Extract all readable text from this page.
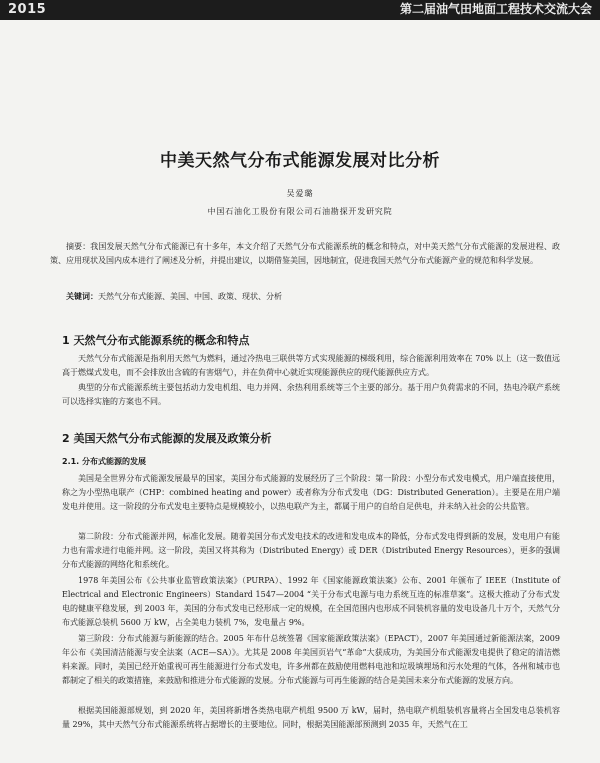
2015	第二届油气田地面工程技术交流大会
中美天然气分布式能源发展对比分析
吴爱璐
中国石油化工股份有限公司石油勘探开发研究院
摘要：我国发展天然气分布式能源已有十多年，本文介绍了天然气分布式能源系统的概念和特点，对中美天然气分布式能源的发展进程、政策、应用现状及国内成本进行了阐述及分析，并提出建议，以期借鉴美国，因地制宜，促进我国天然气分布式能源产业的规范和科学发展。
关键词：天然气分布式能源、美国、中国、政策、现状、分析
1 天然气分布式能源系统的概念和特点
天然气分布式能源是指利用天然气为燃料，通过冷热电三联供等方式实现能源的梯级利用，综合能源利用效率在 70% 以上（这一数值远高于燃煤式发电，而不会排放出含硫的有害烟气），并在负荷中心就近实现能源供应的现代能源供应方式。
典型的分布式能源系统主要包括动力发电机组、电力并网、余热利用系统等三个主要的部分。基于用户负荷需求的不同，热电冷联产系统可以选择实施的方案也不同。
2 美国天然气分布式能源的发展及政策分析
2.1. 分布式能源的发展
美国是全世界分布式能源发展最早的国家，美国分布式能源的发展经历了三个阶段：第一阶段：小型分布式发电模式，用户端直接使用，称之为小型热电联产（CHP：combined heating and power）或者称为分布式发电（DG：Distributed Generation）。主要是在用户端发电并使用。这一阶段的分布式发电主要特点是规模较小，以热电联产为主，都属于用户的自给自足供电，并未纳入社会的公共监管。
第二阶段：分布式能源并网，标准化发展。随着美国分布式发电技术的改进和发电成本的降低，分布式发电得到新的发展，发电用户有能力也有需求进行电能并网。这一阶段，美国又将其称为（Distributed Energy）或 DER（Distributed Energy Resources），更多的强调分布式能源的网络化和系统化。
1978 年美国公布《公共事业监管政策法案》（PURPA）、1992 年《国家能源政策法案》公布、2001 年颁布了 IEEE（Institute of Electrical and Electronic Engineers）Standard 1547—2004 “关于分布式电源与电力系统互连的标准草案”。这极大推动了分布式发电的健康平稳发展，到 2003 年，美国的分布式发电已经形成一定的规模，在全国范围内也形成不同装机容量的发电设备几十万个，天然气分布式能源总装机 5600 万 kW，占全美电力装机 7%，发电量占 9%。
第三阶段：分布式能源与新能源的结合。2005 年布什总统签署《国家能源政策法案》（EPACT），2007 年美国通过新能源法案，2009 年公布《美国清洁能源与安全法案（ACE—SA）》。尤其是 2008 年美国页岩气“革命”大获成功，为美国分布式能源发电提供了稳定的清洁燃料来源。同时，美国已经开始重视可再生能源进行分布式发电，许多州都在鼓励使用燃料电池和垃圾填埋场和污水处理的气体，各州和城市也都制定了相关的政策措施，来鼓励和推进分布式能源的发展。分布式能源与可再生能源的结合是美国未来分布式能源的发展方向。
根据美国能源部规划，到 2020 年，美国将新增各类热电联产机组 9500 万 kW，届时，热电联产机组装机容量将占全国发电总装机容量 29%，其中天然气分布式能源系统将占据增长的主要地位。同时，根据美国能源部预测到 2035 年，天然气在工
